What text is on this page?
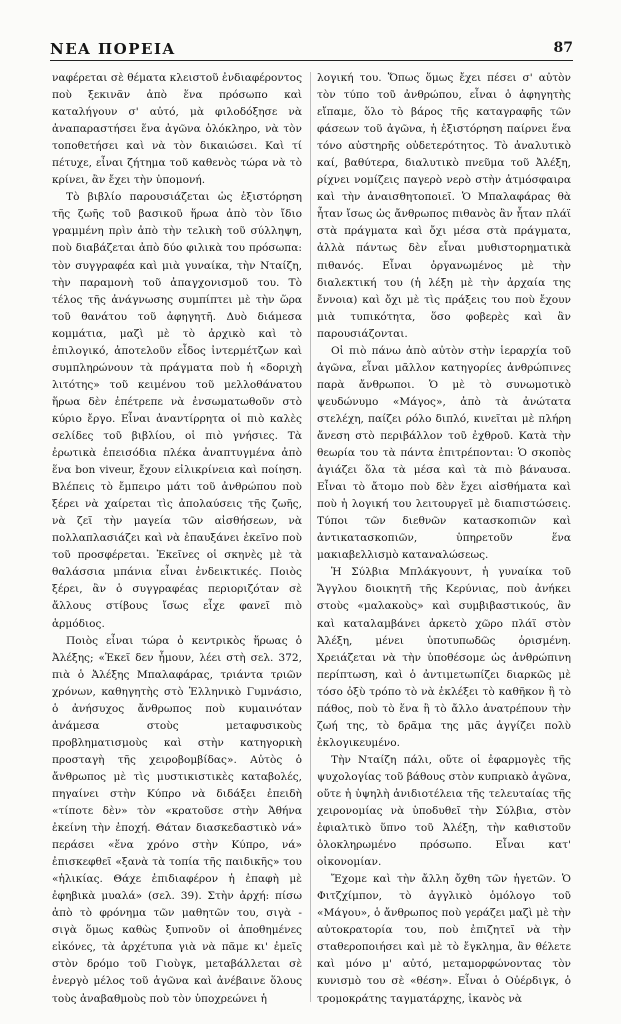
ΝΕΑ ΠΟΡΕΙΑ	87

ναφέρεται σὲ θέματα κλειστοῦ ἐνδιαφέροντος ποὺ ξεκινᾶν ἀπὸ ἕνα πρόσωπο καὶ καταλήγουν σ' αὐτό, μὰ φιλοδόξησε νὰ ἀναπαραστήσει ἕνα ἀγῶνα ὁλόκληρο, νὰ τὸν τοποθετήσει καὶ νὰ τὸν δικαιώσει. Καὶ τί πέτυχε, εἶναι ζήτημα τοῦ καθενὸς τώρα νὰ τὸ κρίνει, ἂν ἔχει τὴν ὑπομονή.

Τὸ βιβλίο παρουσιάζεται ὡς ἐξιστόρηση τῆς ζωῆς τοῦ βασικοῦ ἥρωα ἀπὸ τὸν ἴδιο γραμμένη πρὶν ἀπὸ τὴν τελικὴ τοῦ σύλληψη, ποὺ διαβάζεται ἀπὸ δύο φιλικὰ του πρόσωπα: τὸν συγγραφέα καὶ μιὰ γυναίκα, τὴν Νταίζη, τὴν παραμονὴ τοῦ ἀπαγχονισμοῦ του. Τὸ τέλος τῆς ἀνάγνωσης συμπίπτει μὲ τὴν ὥρα τοῦ θανάτου τοῦ ἀφηγητῆ. Δυὸ διάμεσα κομμάτια, μαζὶ μὲ τὸ ἀρχικὸ καὶ τὸ ἐπιλογικό, ἀποτελοῦν εἶδος ἰντερμέτζων καὶ συμπληρώνουν τὰ πράγματα ποὺ ἡ «δοριχὴ λιτότης» τοῦ κειμένου τοῦ μελλοθάνατου ἥρωα δὲν ἐπέτρεπε νὰ ἐνσωματωθοῦν στὸ κύριο ἔργο. Εἶναι ἀναντίρρητα οἱ πιὸ καλὲς σελίδες τοῦ βιβλίου, οἱ πιὸ γνήσιες. Τὰ ἐρωτικὰ ἐπεισόδια πλέκα ἀναπτυγμένα ἀπὸ ἕνα bon viveur, ἔχουν εἰλικρίνεια καὶ ποίηση. Βλέπεις τὸ ἔμπειρο μάτι τοῦ ἀνθρώπου ποὺ ξέρει νὰ χαίρεται τὶς ἀπολαύσεις τῆς ζωῆς, νὰ ζεῖ τὴν μαγεία τῶν αἰσθήσεων, νὰ πολλαπλασιάζει καὶ νὰ ἐπαυξάνει ἐκεῖνο ποὺ τοῦ προσφέρεται. Ἐκεῖνες οἱ σκηνὲς μὲ τὰ θαλάσσια μπάνια εἶναι ἐνδεικτικές. Ποιὸς ξέρει, ἂν ὁ συγγραφέας περιοριζόταν σὲ ἄλλους στίβους ἴσως εἶχε φανεῖ πιὸ ἁρμόδιος.

Ποιὸς εἶναι τώρα ὁ κεντρικὸς ἥρωας ὁ Ἀλέξης; «Ἐκεῖ δεν ἦμουν, λέει στὴ σελ. 372, πιὰ ὁ Ἀλέξης Μπαλαφάρας, τριάντα τριῶν χρόνων, καθηγητὴς στὸ Ἑλληνικὸ Γυμνάσιο, ὁ ἀνήσυχος ἄνθρωπος ποὺ κυμαινόταν ἀνάμεσα στοὺς μεταφυσικοὺς προβληματισμοὺς καὶ στὴν κατηγορικὴ προσταγὴ τῆς χειροβομβίδας». Αὐτὸς ὁ ἄνθρωπος μὲ τὶς μυστικιστικὲς καταβολές, πηγαίνει στὴν Κύπρο νὰ διδάξει ἐπειδὴ «τίποτε δὲν» τὸν «κρατοῦσε στὴν Ἀθήνα ἐκείνη τὴν ἐποχή. Θάταν διασκεδαστικὸ νά» περάσει «ἕνα χρόνο στὴν Κύπρο, νά» ἐπισκεφθεῖ «ξανὰ τὰ τοπία τῆς παιδικῆς» του «ἡλικίας. Θάχε ἐπιδιαφέρον ἡ ἐπαφὴ μὲ ἐφηβικὰ μυαλά» (σελ. 39). Στὴν ἀρχή: πίσω ἀπὸ τὸ φρόνημα τῶν μαθητῶν του, σιγὰ - σιγὰ ὅμως καθὼς ξυπνοῦν οἱ ἀποθημένες εἰκόνες, τὰ ἀρχέτυπα γιὰ νὰ πᾶμε κι' ἐμεῖς στὸν δρόμο τοῦ Γιοὺγκ, μεταβάλλεται σὲ ἐνεργὸ μέλος τοῦ ἀγῶνα καὶ ἀνέβαινε ὅλους τοὺς ἀναβαθμοὺς ποὺ τὸν ὑποχρεώνει ἡ

λογική του. Ὅπως ὅμως ἔχει πέσει σ' αὐτὸν τὸν τύπο τοῦ ἀνθρώπου, εἶναι ὁ ἀφηγητὴς εἴπαμε, ὅλο τὸ βάρος τῆς καταγραφῆς τῶν φάσεων τοῦ ἀγῶνα, ἡ ἐξιστόρηση παίρνει ἕνα τόνο αὐστηρῆς οὐδετερότητος. Τὸ ἀναλυτικὸ καί, βαθύτερα, διαλυτικὸ πνεῦμα τοῦ Ἀλέξη, ρίχνει νομίζεις παγερὸ νερὸ στὴν ἀτμόσφαιρα καὶ τὴν ἀναισθητοποιεῖ. Ὁ Μπαλαφάρας θὰ ἦταν ἴσως ὡς ἄνθρωπος πιθανὸς ἂν ἦταν πλάϊ στὰ πράγματα καὶ ὄχι μέσα στὰ πράγματα, ἀλλὰ πάντως δὲν εἶναι μυθιστορηματικὰ πιθανός. Εἶναι ὀργανωμένος μὲ τὴν διαλεκτική του (ἡ λέξη μὲ τὴν ἀρχαία της ἔννοια) καὶ ὄχι μὲ τὶς πράξεις του ποὺ ἔχουν μιὰ τυπικότητα, ὅσο φοβερὲς καὶ ἂν παρουσιάζονται.

Οἱ πιὸ πάνω ἀπὸ αὐτὸν στὴν ἱεραρχία τοῦ ἀγῶνα, εἶναι μᾶλλον κατηγορίες ἀνθρώπινες παρὰ ἄνθρωποι. Ὁ μὲ τὸ συνωμοτικὸ ψευδώνυμο «Μάγος», ἀπὸ τὰ ἀνώτατα στελέχη, παίζει ρόλο διπλό, κινεῖται μὲ πλήρη ἄνεση στὸ περιβάλλον τοῦ ἐχθροῦ. Κατὰ τὴν θεωρία του τὰ πάντα ἐπιτρέπονται: Ὁ σκοπὸς ἁγιάζει ὅλα τὰ μέσα καὶ τὰ πιὸ βάναυσα. Εἶναι τὸ ἄτομο ποὺ δὲν ἔχει αἰσθήματα καὶ ποὺ ἡ λογική του λειτουργεῖ μὲ διαπιστώσεις. Τύποι τῶν διεθνῶν κατασκοπιῶν καὶ ἀντικατασκοπιῶν, ὑπηρετοῦν ἕνα μακιαβελλισμὸ καταναλώσεως.

Ἡ Σύλβια Μπλάκγουντ, ἡ γυναίκα τοῦ Ἄγγλου διοικητῆ τῆς Κερύνιας, ποὺ ἀνήκει στοὺς «μαλακοὺς» καὶ συμβιβαστικούς, ἂν καὶ καταλαμβάνει ἀρκετὸ χῶρο πλάϊ στὸν Ἀλέξη, μένει ὑποτυπωδῶς ὁρισμένη. Χρειάζεται νὰ τὴν ὑποθέσομε ὡς ἀνθρώπινη περίπτωση, καὶ ὁ ἀντιμετωπίζει διαρκῶς μὲ τόσο ὀξὺ τρόπο τὸ νὰ ἐκλέξει τὸ καθῆκον ἢ τὸ πάθος, ποὺ τὸ ἕνα ἢ τὸ ἄλλο ἀνατρέπουν τὴν ζωή της, τὸ δρᾶμα της μᾶς ἀγγίζει πολὺ ἐκλογικευμένο.

Τὴν Νταίζη πάλι, οὔτε οἱ ἐφαρμογὲς τῆς ψυχολογίας τοῦ βάθους στὸν κυπριακὸ ἀγῶνα, οὔτε ἡ ὑψηλὴ ἀνιδιοτέλεια τῆς τελευταίας τῆς χειρονομίας νὰ ὑποδυθεῖ τὴν Σύλβια, στὸν ἐφιαλτικὸ ὕπνο τοῦ Ἀλέξη, τὴν καθιστοῦν ὁλοκληρωμένο πρόσωπο. Εἶναι κατ' οἰκονομίαν.

Ἔχομε καὶ τὴν ἄλλη ὄχθη τῶν ἡγετῶν. Ὁ Φιτζχίμπον, τὸ ἀγγλικὸ ὁμόλογο τοῦ «Μάγου», ὁ ἄνθρωπος ποὺ γεράζει μαζὶ μὲ τὴν αὐτοκρατορία του, ποὺ ἐπιζητεῖ νὰ τὴν σταθεροποιήσει καὶ μὲ τὸ ἔγκλημα, ἂν θέλετε καὶ μόνο μ' αὐτό, μεταμορφώνοντας τὸν κυνισμὸ του σὲ «θέση». Εἶναι ὁ Οὐέρδιγκ, ὁ τρομοκράτης ταγματάρχης, ἱκανὸς νὰ
